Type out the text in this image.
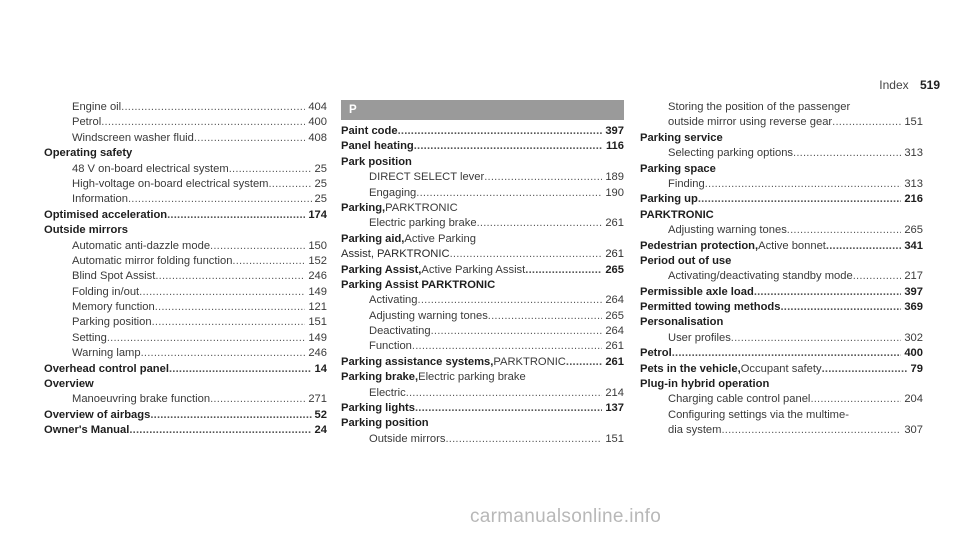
Index 519
Engine oil .....	404
Petrol .....	400
Windscreen washer fluid .....	408
Operating safety
48 V on-board electrical system .....	25
High-voltage on-board electrical system .....	25
Information .....	25
Optimised acceleration .....	174
Outside mirrors
Automatic anti-dazzle mode .....	150
Automatic mirror folding function .....	152
Blind Spot Assist .....	246
Folding in/out .....	149
Memory function .....	121
Parking position .....	151
Setting .....	149
Warning lamp .....	246
Overhead control panel .....	14
Overview
Manoeuvring brake function .....	271
Overview of airbags .....	52
Owner's Manual .....	24
P
Paint code .....	397
Panel heating .....	116
Park position
DIRECT SELECT lever .....	189
Engaging .....	190
Parking, PARKTRONIC
Electric parking brake .....	261
Parking aid, Active Parking
Assist, PARKTRONIC .....	261
Parking Assist, Active Parking Assist .....	265
Parking Assist PARKTRONIC
Activating .....	264
Adjusting warning tones .....	265
Deactivating .....	264
Function .....	261
Parking assistance systems, PARKTRONIC .....	261
Parking brake, Electric parking brake
Electric .....	214
Parking lights .....	137
Parking position
Outside mirrors .....	151
Storing the position of the passenger
outside mirror using reverse gear .....	151
Parking service
Selecting parking options .....	313
Parking space
Finding .....	313
Parking up .....	216
PARKTRONIC
Adjusting warning tones .....	265
Pedestrian protection, Active bonnet .....	341
Period out of use
Activating/deactivating standby mode .....	217
Permissible axle load .....	397
Permitted towing methods .....	369
Personalisation
User profiles .....	302
Petrol .....	400
Pets in the vehicle, Occupant safety .....	79
Plug-in hybrid operation
Charging cable control panel .....	204
Configuring settings via the multime-
dia system .....	307
carmanualsonline.info
